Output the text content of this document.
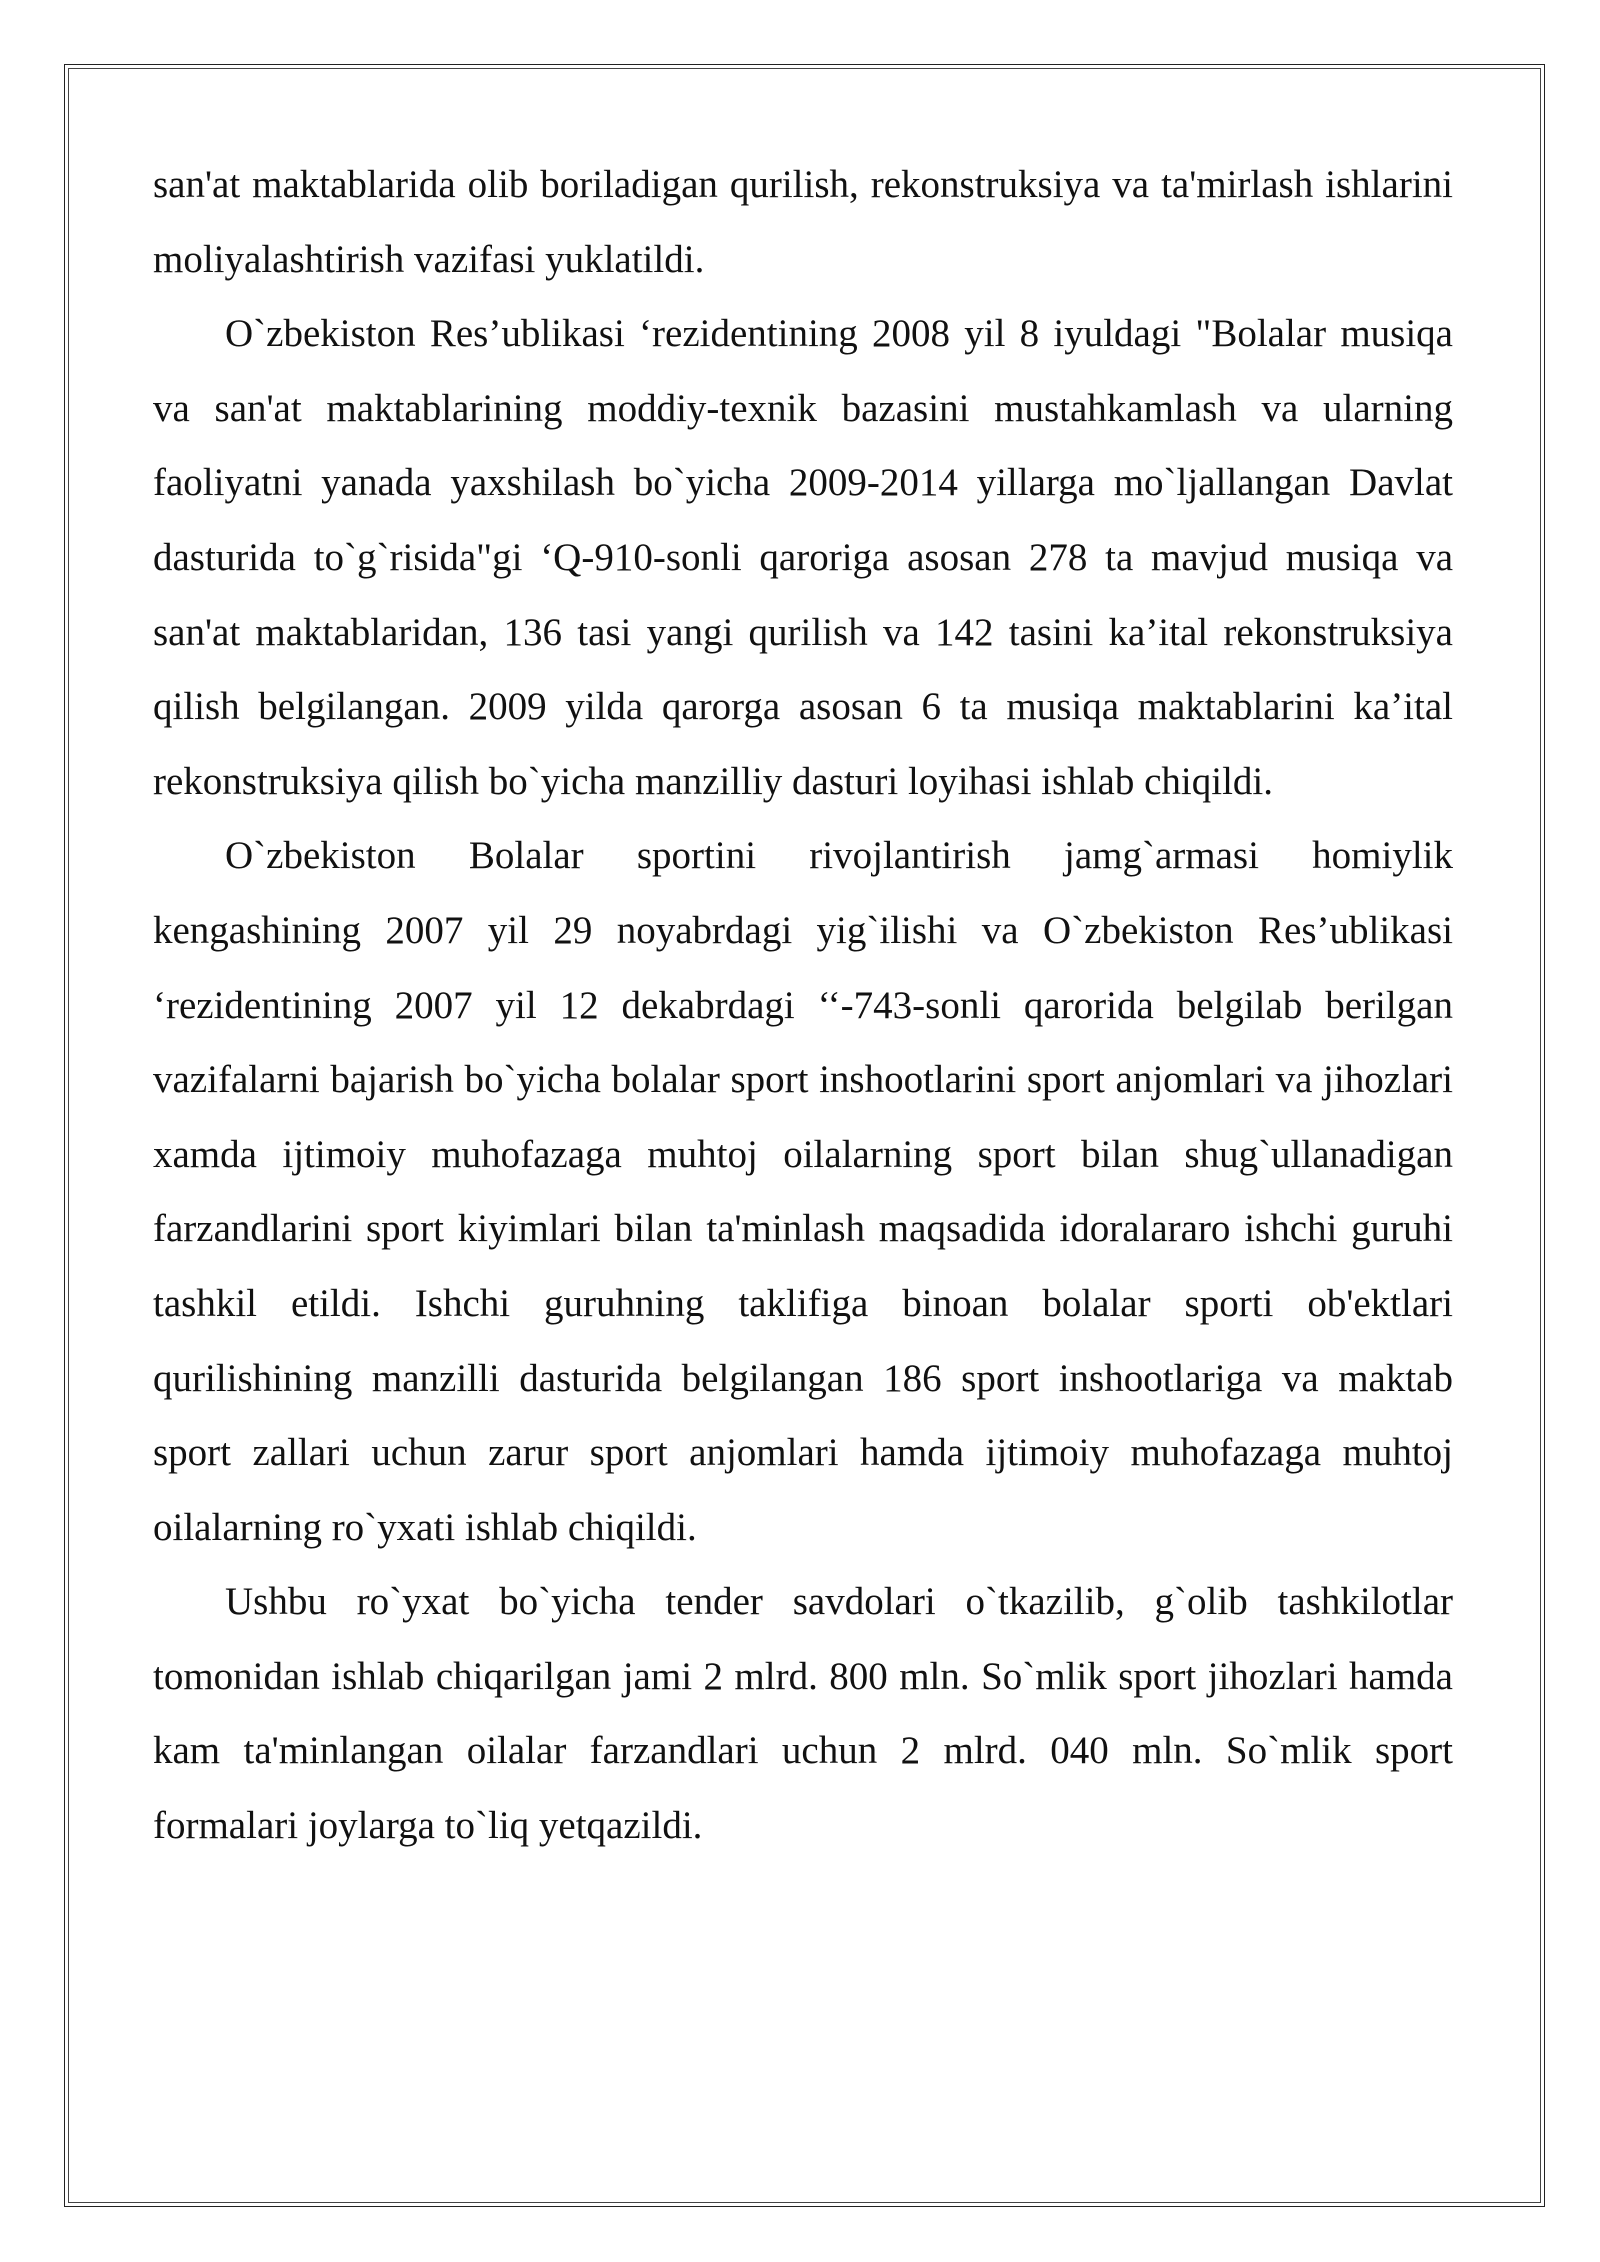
san'at maktablarida olib boriladigan qurilish, rekonstruksiya va ta'mirlash ishlarini moliyalashtirish vazifasi yuklatildi.

O`zbekiston Res’ublikasi ‘rezidentining 2008 yil 8 iyuldagi "Bolalar musiqa va san'at maktablarining moddiy-texnik bazasini mustahkamlash va ularning faoliyatni yanada yaxshilash bo`yicha 2009-2014 yillarga mo`ljallangan Davlat dasturida to`g`risida"gi ‘Q-910-sonli qaroriga asosan 278 ta mavjud musiqa va san'at maktablaridan, 136 tasi yangi qurilish va 142 tasini ka’ital rekonstruksiya qilish belgilangan. 2009 yilda qarorga asosan 6 ta musiqa maktablarini ka’ital rekonstruksiya qilish bo`yicha manzilliy dasturi loyihasi ishlab chiqildi.

O`zbekiston Bolalar sportini rivojlantirish jamg`armasi homiylik kengashining 2007 yil 29 noyabrdagi yig`ilishi va O`zbekiston Res’ublikasi ‘rezidentining 2007 yil 12 dekabrdagi ‘‘-743-sonli qarorida belgilab berilgan vazifalarni bajarish bo`yicha bolalar sport inshootlarini sport anjomlari va jihozlari xamda ijtimoiy muhofazaga muhtoj oilalarning sport bilan shug`ullanadigan farzandlarini sport kiyimlari bilan ta'minlash maqsadida idoralararo ishchi guruhi tashkil etildi. Ishchi guruhning taklifiga binoan bolalar sporti ob'ektlari qurilishining manzilli dasturida belgilangan 186 sport inshootlariga va maktab sport zallari uchun zarur sport anjomlari hamda ijtimoiy muhofazaga muhtoj oilalarning ro`yxati ishlab chiqildi.

Ushbu ro`yxat bo`yicha tender savdolari o`tkazilib, g`olib tashkilotlar tomonidan ishlab chiqarilgan jami 2 mlrd. 800 mln. So`mlik sport jihozlari hamda kam ta'minlangan oilalar farzandlari uchun 2 mlrd. 040 mln. So`mlik sport formalari joylarga to`liq yetqazildi.
